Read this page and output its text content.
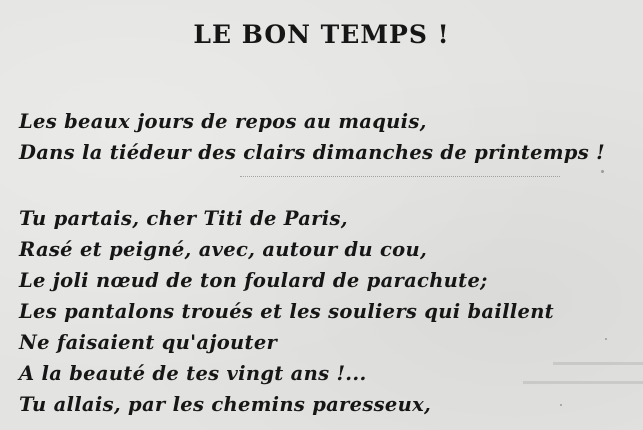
LE BON TEMPS !
Les beaux jours de repos au maquis,
Dans la tiédeur des clairs dimanches de printemps !
Tu partais, cher Titi de Paris,
Rasé et peigné, avec, autour du cou,
Le joli nœud de ton foulard de parachute;
Les pantalons troués et les souliers qui baillent
Ne faisaient qu'ajouter
A la beauté de tes vingt ans !...
Tu allais, par les chemins paresseux,
